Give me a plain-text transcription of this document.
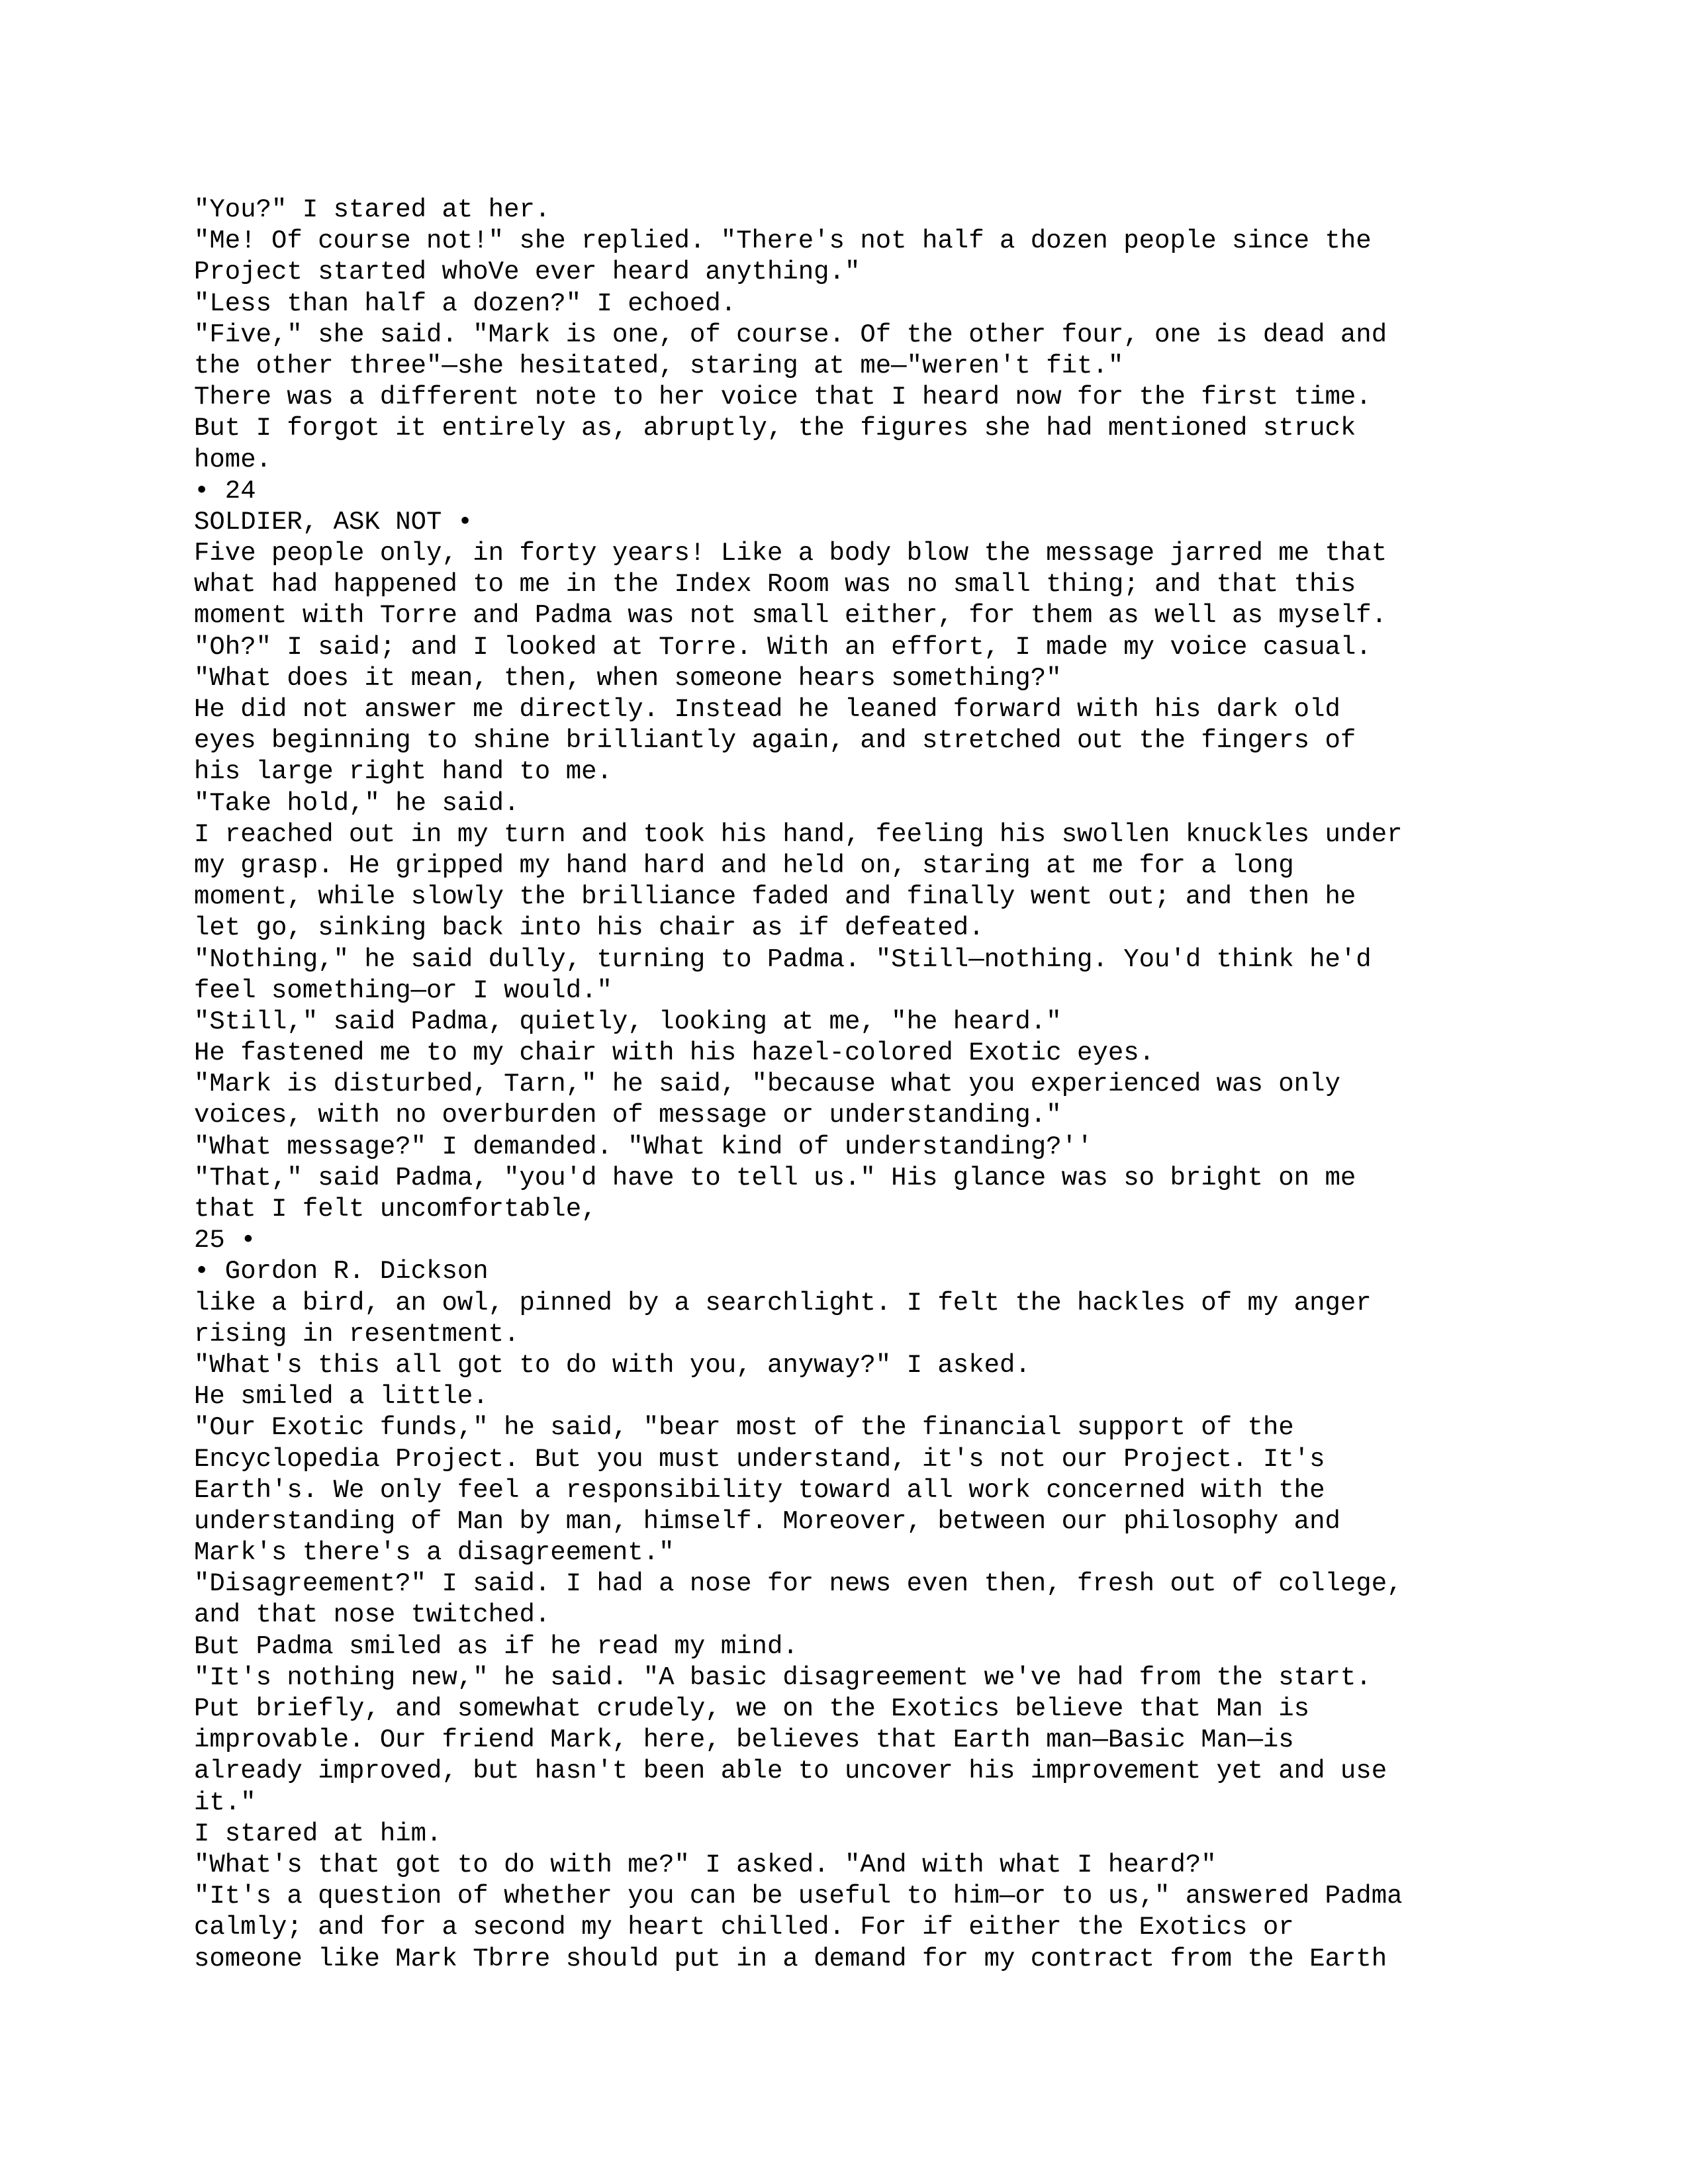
"You?" I stared at her.
"Me! Of course not!" she replied. "There's not half a dozen people since the
Project started whoVe ever heard anything."
"Less than half a dozen?" I echoed.
"Five," she said. "Mark is one, of course. Of the other four, one is dead and
the other three"—she hesitated, staring at me—"weren't fit."
There was a different note to her voice that I heard now for the first time.
But I forgot it entirely as, abruptly, the figures she had mentioned struck
home.
• 24
SOLDIER, ASK NOT •
Five people only, in forty years! Like a body blow the message jarred me that
what had happened to me in the Index Room was no small thing; and that this
moment with Torre and Padma was not small either, for them as well as myself.
"Oh?" I said; and I looked at Torre. With an effort, I made my voice casual.
"What does it mean, then, when someone hears something?"
He did not answer me directly. Instead he leaned forward with his dark old
eyes beginning to shine brilliantly again, and stretched out the fingers of
his large right hand to me.
"Take hold," he said.
I reached out in my turn and took his hand, feeling his swollen knuckles under
my grasp. He gripped my hand hard and held on, staring at me for a long
moment, while slowly the brilliance faded and finally went out; and then he
let go, sinking back into his chair as if defeated.
"Nothing," he said dully, turning to Padma. "Still—nothing. You'd think he'd
feel something—or I would."
"Still," said Padma, quietly, looking at me, "he heard."
He fastened me to my chair with his hazel-colored Exotic eyes.
"Mark is disturbed, Tarn," he said, "because what you experienced was only
voices, with no overburden of message or understanding."
"What message?" I demanded. "What kind of understanding?''
"That," said Padma, "you'd have to tell us." His glance was so bright on me
that I felt uncomfortable,
25 •
• Gordon R. Dickson
like a bird, an owl, pinned by a searchlight. I felt the hackles of my anger
rising in resentment.
"What's this all got to do with you, anyway?" I asked.
He smiled a little.
"Our Exotic funds," he said, "bear most of the financial support of the
Encyclopedia Project. But you must understand, it's not our Project. It's
Earth's. We only feel a responsibility toward all work concerned with the
understanding of Man by man, himself. Moreover, between our philosophy and
Mark's there's a disagreement."
"Disagreement?" I said. I had a nose for news even then, fresh out of college,
and that nose twitched.
But Padma smiled as if he read my mind.
"It's nothing new," he said. "A basic disagreement we've had from the start.
Put briefly, and somewhat crudely, we on the Exotics believe that Man is
improvable. Our friend Mark, here, believes that Earth man—Basic Man—is
already improved, but hasn't been able to uncover his improvement yet and use
it."
I stared at him.
"What's that got to do with me?" I asked. "And with what I heard?"
"It's a question of whether you can be useful to him—or to us," answered Padma
calmly; and for a second my heart chilled. For if either the Exotics or
someone like Mark Tbrre should put in a demand for my contract from the Earth
